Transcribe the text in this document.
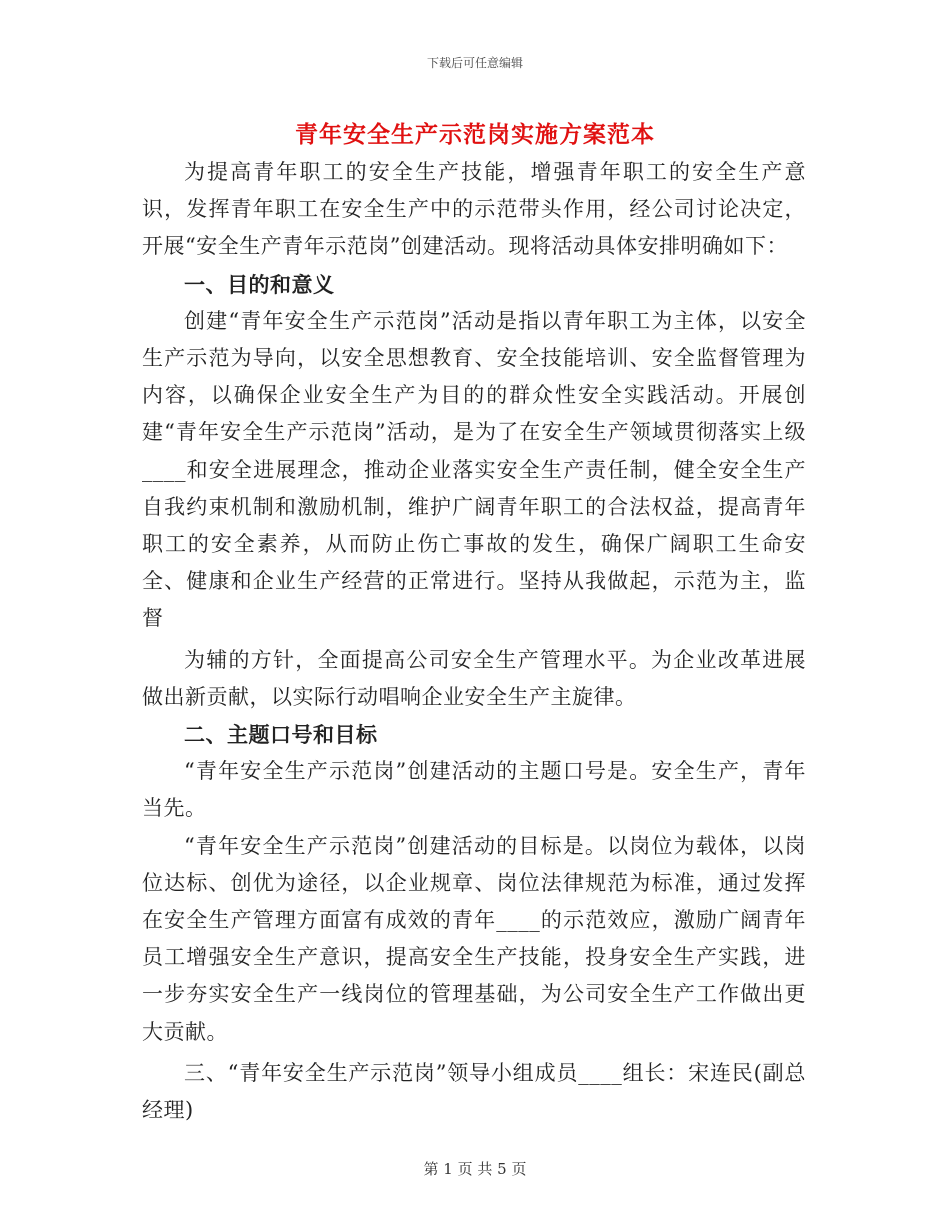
下载后可任意编辑
青年安全生产示范岗实施方案范本

为提高青年职工的安全生产技能，增强青年职工的安全生产意识，发挥青年职工在安全生产中的示范带头作用，经公司讨论决定，开展“安全生产青年示范岗”创建活动。现将活动具体安排明确如下：

一、目的和意义

创建“青年安全生产示范岗”活动是指以青年职工为主体，以安全生产示范为导向，以安全思想教育、安全技能培训、安全监督管理为内容，以确保企业安全生产为目的的群众性安全实践活动。开展创建“青年安全生产示范岗”活动，是为了在安全生产领域贯彻落实上级____和安全进展理念，推动企业落实安全生产责任制，健全安全生产自我约束机制和激励机制，维护广阔青年职工的合法权益，提高青年职工的安全素养，从而防止伤亡事故的发生，确保广阔职工生命安全、健康和企业生产经营的正常进行。坚持从我做起，示范为主，监督

为辅的方针，全面提高公司安全生产管理水平。为企业改革进展做出新贡献，以实际行动唱响企业安全生产主旋律。

二、主题口号和目标

“青年安全生产示范岗”创建活动的主题口号是。安全生产，青年当先。

“青年安全生产示范岗”创建活动的目标是。以岗位为载体，以岗位达标、创优为途径，以企业规章、岗位法律规范为标准，通过发挥在安全生产管理方面富有成效的青年____的示范效应，激励广阔青年员工增强安全生产意识，提高安全生产技能，投身安全生产实践，进一步夯实安全生产一线岗位的管理基础，为公司安全生产工作做出更大贡献。

三、“青年安全生产示范岗”领导小组成员____组长：宋连民(副总经理)

第 1 页 共 5 页
